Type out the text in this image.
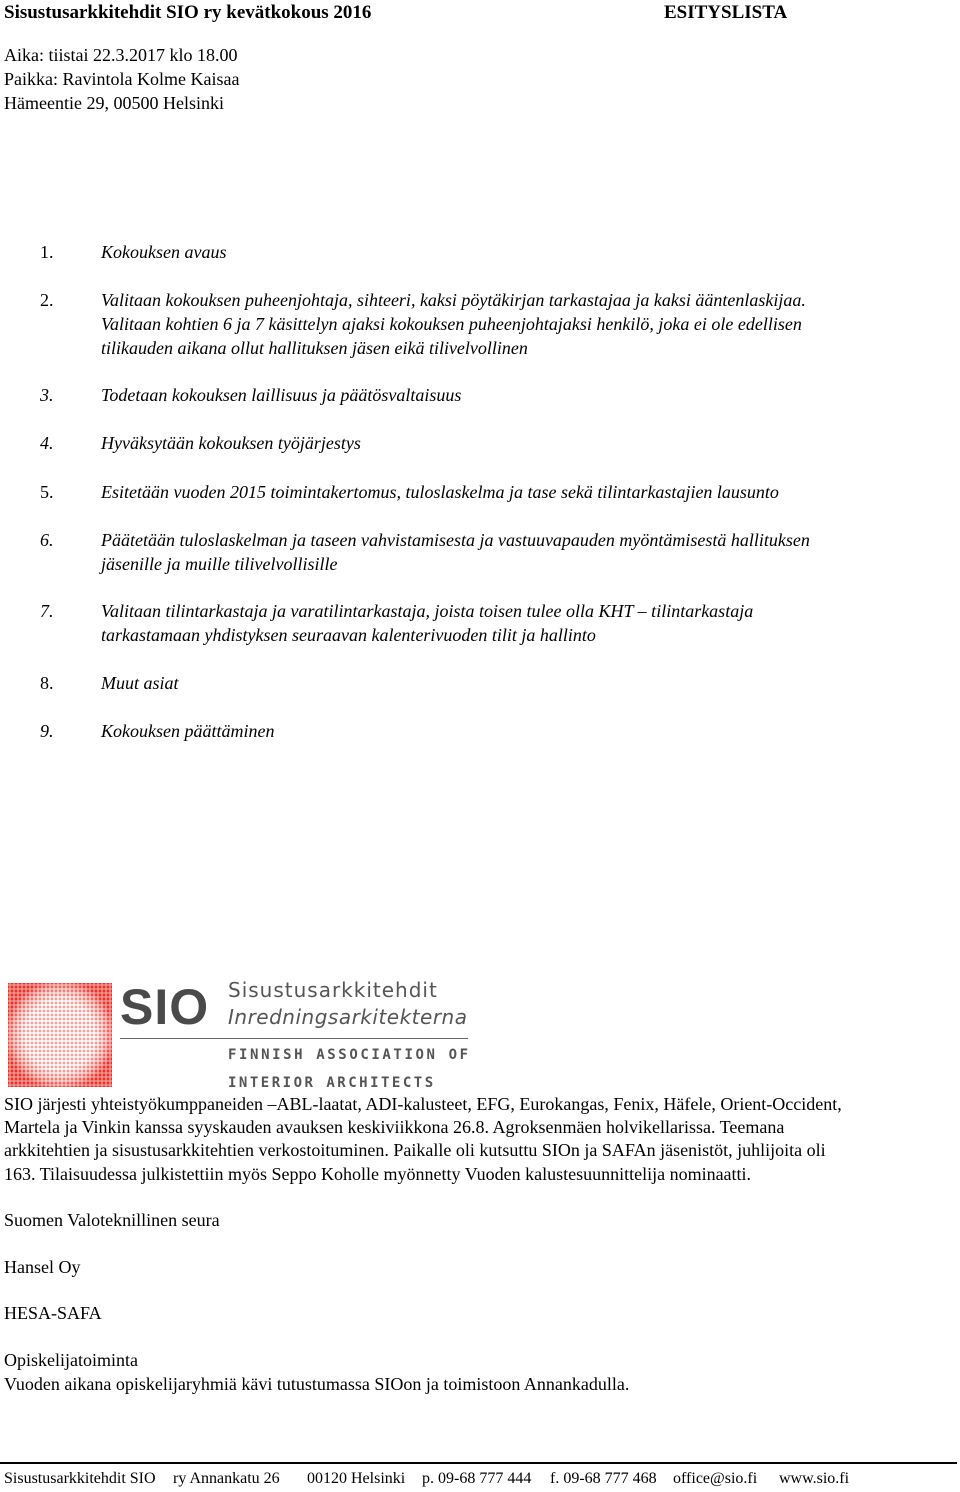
Sisustusarkkitehdit SIO ry kevätkokous 2016	ESITYSLISTA
Aika: tiistai 22.3.2017 klo 18.00
Paikka: Ravintola Kolme Kaisaa
Hämeentie 29, 00500 Helsinki
1.	Kokouksen avaus
2.	Valitaan kokouksen puheenjohtaja, sihteeri, kaksi pöytäkirjan tarkastajaa ja kaksi ääntenlaskijaa.
Valitaan kohtien 6 ja 7 käsittelyn ajaksi kokouksen puheenjohtajaksi henkilö, joka ei ole edellisen
tilikauden aikana ollut hallituksen jäsen eikä tilivelvollinen
3.	Todetaan kokouksen laillisuus ja päätösvaltaisuus
4.	Hyväksytään kokouksen työjärjestys
5.	Esitetään vuoden 2015 toimintakertomus, tuloslaskelma ja tase sekä tilintarkastajien lausunto
6.	Päätetään tuloslaskelman ja taseen vahvistamisesta ja vastuuvapauden myöntämisestä hallituksen
jäsenille ja muille tilivelvollisille
7.	Valitaan tilintarkastaja ja varatilintarkastaja, joista toisen tulee olla KHT – tilintarkastaja
tarkastamaan yhdistyksen seuraavan kalenterivuoden tilit ja hallinto
8.	Muut asiat
9.	Kokouksen päättäminen
SIO Sisustusarkkitehdit
Inredningsarkitekterna
FINNISH ASSOCIATION OF
INTERIOR ARCHITECTS
SIO järjesti yhteistyökumppaneiden –ABL-laatat, ADI-kalusteet, EFG, Eurokangas, Fenix, Häfele, Orient-Occident,
Martela ja Vinkin kanssa syyskauden avauksen keskiviikkona 26.8. Agroksenmäen holvikellarissa. Teemana
arkkitehtien ja sisustusarkkitehtien verkostoituminen. Paikalle oli kutsuttu SIOn ja SAFAn jäsenistöt, juhlijoita oli
163. Tilaisuudessa julkistettiin myös Seppo Koholle myönnetty Vuoden kalustesuunnittelija nominaatti.
Suomen Valoteknillinen seura
Hansel Oy
HESA-SAFA
Opiskelijatoiminta
Vuoden aikana opiskelijaryhmiä kävi tutustumassa SIOon ja toimistoon Annankadulla.
Sisustusarkkitehdit SIO ry Annankatu 26 00120 Helsinki p. 09-68 777 444 f. 09-68 777 468 office@sio.fi www.sio.fi
